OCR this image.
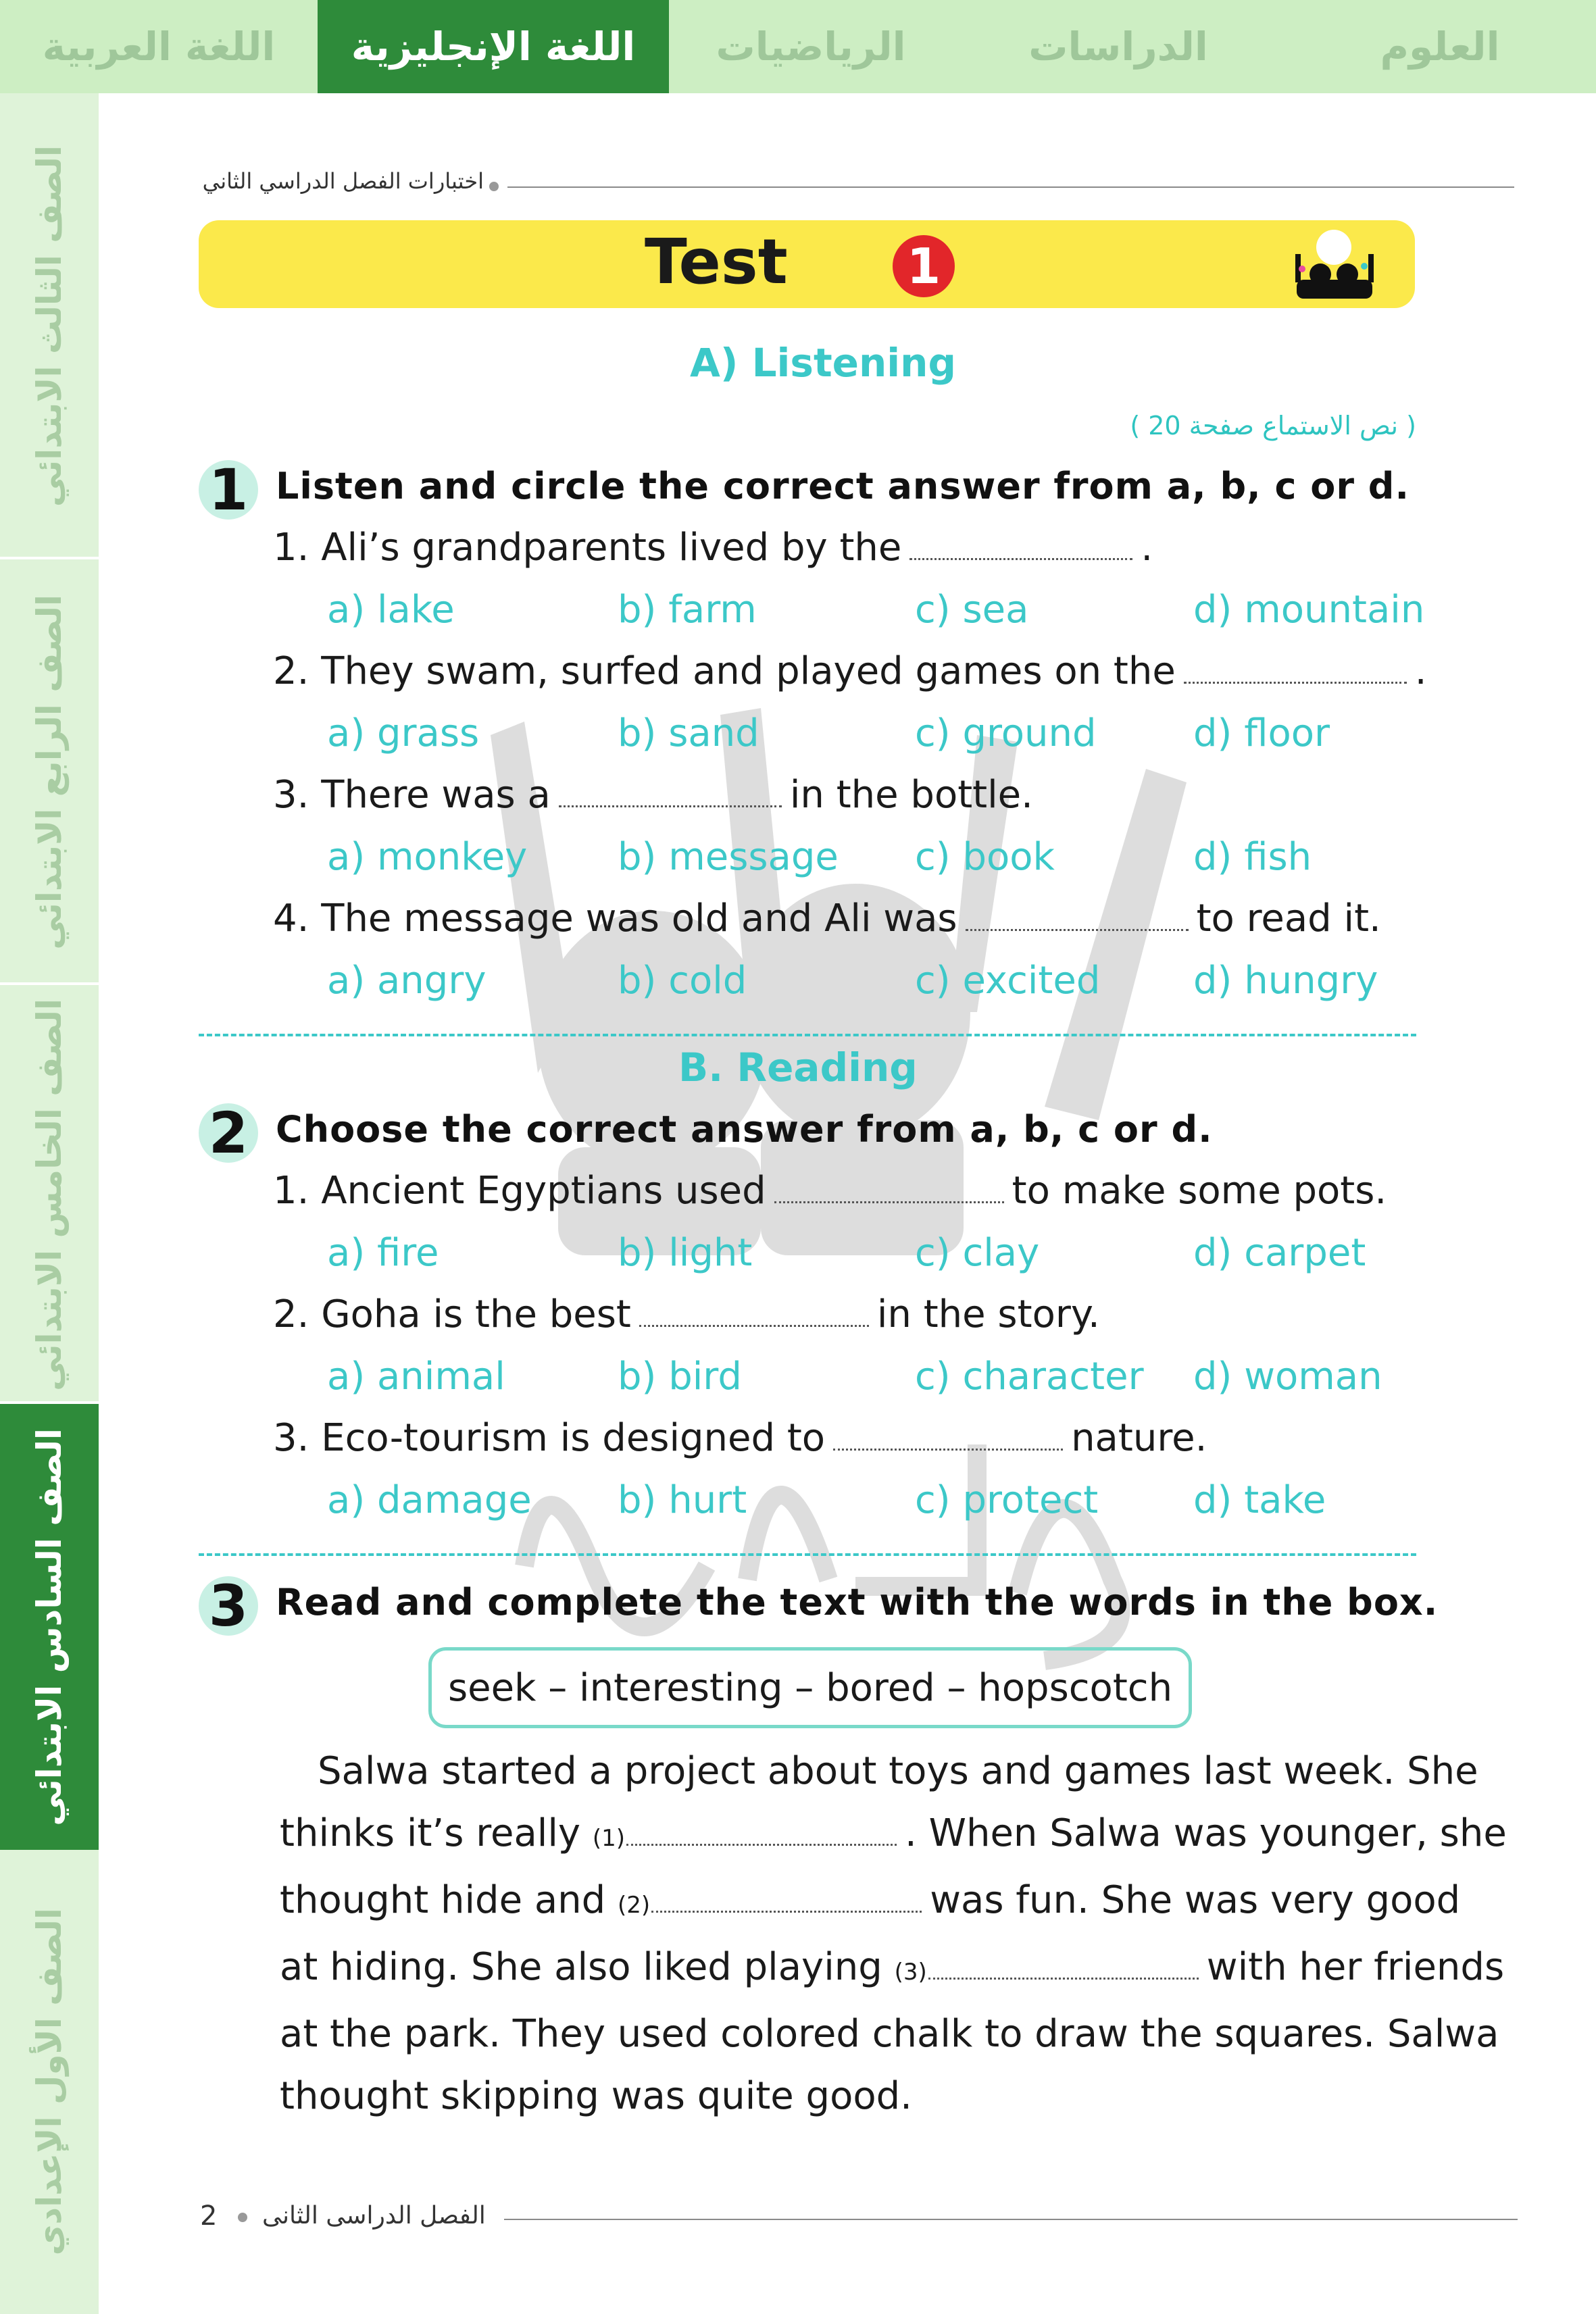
العلوم
الدراسات
الرياضيات
اللغة الإنجليزية
اللغة العربية
الصف الثالث الابتدائي
الصف الرابع الابتدائي
الصف الخامس الابتدائي
الصف السادس الابتدائي
الصف الأول الإعدادي
اختبارات الفصل الدراسي الثاني
Test 1
A) Listening
( نص الاستماع صفحة 20 )
1 Listen and circle the correct answer from a, b, c or d.
1. Ali’s grandparents lived by the	.
a) lake	b) farm	c) sea	d) mountain
2. They swam, surfed and played games on the	.
a) grass	b) sand	c) ground	d) floor
3. There was a	in the bottle.
a) monkey b) message c) book	d) fish
4. The message was old and Ali was	to read it.
a) angry	b) cold	c) excited d) hungry
B. Reading
2 Choose the correct answer from a, b, c or d.
1. Ancient Egyptians used	to make some pots.
a) fire	b) light	c) clay	d) carpet
2. Goha is the best	in the story.
a) animal	b) bird	c) character d) woman
3. Eco-tourism is designed to	nature.
a) damage b) hurt	c) protect	d) take
3 Read and complete the text with the words in the box.
seek – interesting – bored – hopscotch
Salwa started a project about toys and games last week. She
thinks it’s really (1)	. When Salwa was younger, she
thought hide and (2)	was fun. She was very good
at hiding. She also liked playing (3)	with her friends
at the park. They used colored chalk to draw the squares. Salwa
thought skipping was quite good.
2 الفصل الدراسى الثانى
